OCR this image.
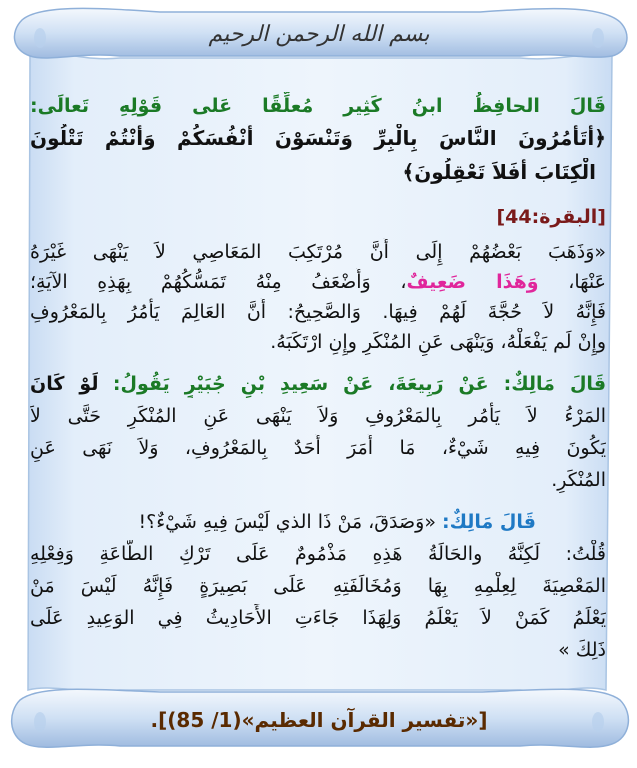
بسم الله الرحمن الرحيم
قَالَ الحافِظُ ابنُ كَثِير مُعلِّقًا عَلى قَوْلِهِ تَعالَى:
﴿أَتَأْمُرُونَ النَّاسَ بِالْبِرِّ وَتَنْسَوْنَ أَنْفُسَكُمْ وَأَنْتُمْ تَتْلُونَ
الْكِتَابَ أَفَلاَ تَعْقِلُونَ﴾
[البقرة:44]
«وَذَهَبَ بَعْضُهُمْ إِلَى أَنَّ مُرْتَكِبَ المَعَاصِي لاَ يَنْهَى غَيْرَهُ
عَنْهَا، وَهَذَا ضَعِيفٌ، وَأَضْعَفُ مِنْهُ تَمَسُّكُهُمْ بِهَذِهِ الآيَةِ؛
فَإِنَّهُ لاَ حُجَّةَ لَهُمْ فِيهَا. وَالصَّحِيحُ: أَنَّ العَالِمَ يَأْمُرُ بِالمَعْرُوفِ
وإِنْ لَم يَفْعَلْهُ، وَيَنْهَى عَنِ المُنْكَرِ وإِنِ ارْتَكَبَهُ.
قَالَ مَالِكٌ: عَنْ رَبِيعَةَ، عَنْ سَعِيدِ بْنِ جُبَيْرٍ يَقُولُ: لَوْ كَانَ
المَرْءُ لاَ يَأْمُر بِالمَعْرُوفِ وَلاَ يَنْهَى عَنِ المُنْكَرِ حَتَّى لاَ
يَكُونَ فِيهِ شَيْءٌ، مَا أَمَرَ أَحَدٌ بِالمَعْرُوفِ، وَلاَ نَهَى عَنِ
المُنْكَرِ.
قَالَ مَالِكٌ: «وَصَدَقَ، مَنْ ذَا الذي لَيْسَ فِيهِ شَيْءٌ؟!
قُلْتُ: لَكِنَّهُ والحَالَةُ هَذِهِ مَذْمُومٌ عَلَى تَرْكِ الطَّاعَةِ وَفِعْلِهِ
المَعْصِيَةَ لِعِلْمِهِ بِهَا وَمُخَالَفَتِهِ عَلَى بَصِيرَةٍ فَإِنَّهُ لَيْسَ مَنْ
يَعْلَمُ كَمَنْ لاَ يَعْلَمُ وَلِهَذَا جَاءَتِ الأَحَادِيثُ فِي الوَعِيدِ عَلَى
ذَلِكَ »
[«تفسير القرآن العظيم»(1/ 85)].
